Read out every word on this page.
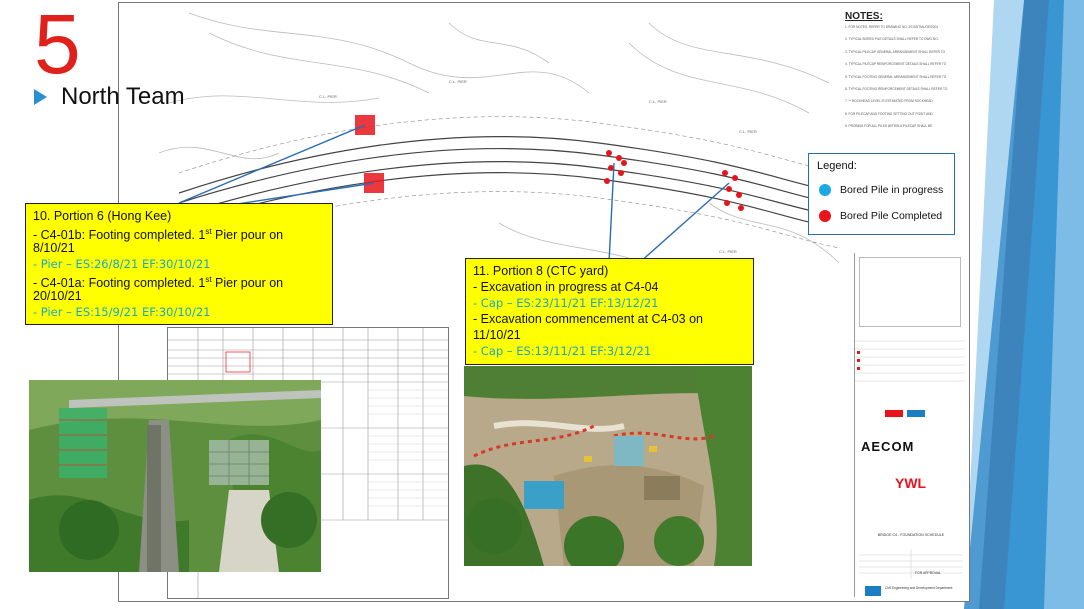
NOTES:
1. FOR NOTES, REFER TO DRAWING NO. 20103/TML/GE/0001
2. TYPICAL BORED PILE DETAILS SHALL REFER TO DWG NO.
3. TYPICAL PILECAP GENERAL ARRANGEMENT SHALL REFER TO
4. TYPICAL PILECAP REINFORCEMENT DETAILS SHALL REFER TO
5. TYPICAL FOOTING GENERAL ARRANGEMENT SHALL REFER TO
6. TYPICAL FOOTING REINFORCEMENT DETAILS SHALL REFER TO
7. ** ROCKHEAD LEVEL IS ESTIMATED FROM ROCKHEAD
8. FOR PILECAP AND FOOTING SETTING OUT POINT AND
9. PROBING FOR ALL PILES WITHIN A PILECAP SHALL BE
C.L. PIER
C.L. PIER
C.L. PIER
C.L. PIER
C.L. PIER
AECOM
YWL
BRIDGE C4 - FOUNDATION SCHEDULE
FOR APPROVAL
Civil Engineering and Development Department
5
North Team
Legend:
Bored Pile in progress
Bored Pile Completed
10. Portion 6 (Hong Kee)
- C4-01b: Footing completed. 1st Pier pour on
8/10/21
- Pier – ES:26/8/21 EF:30/10/21
- C4-01a: Footing completed. 1st Pier pour on
20/10/21
- Pier – ES:15/9/21 EF:30/10/21
11. Portion 8 (CTC yard)
- Excavation in progress at C4-04
- Cap – ES:23/11/21 EF:13/12/21
- Excavation commencement at C4-03 on
11/10/21
- Cap – ES:13/11/21 EF:3/12/21
